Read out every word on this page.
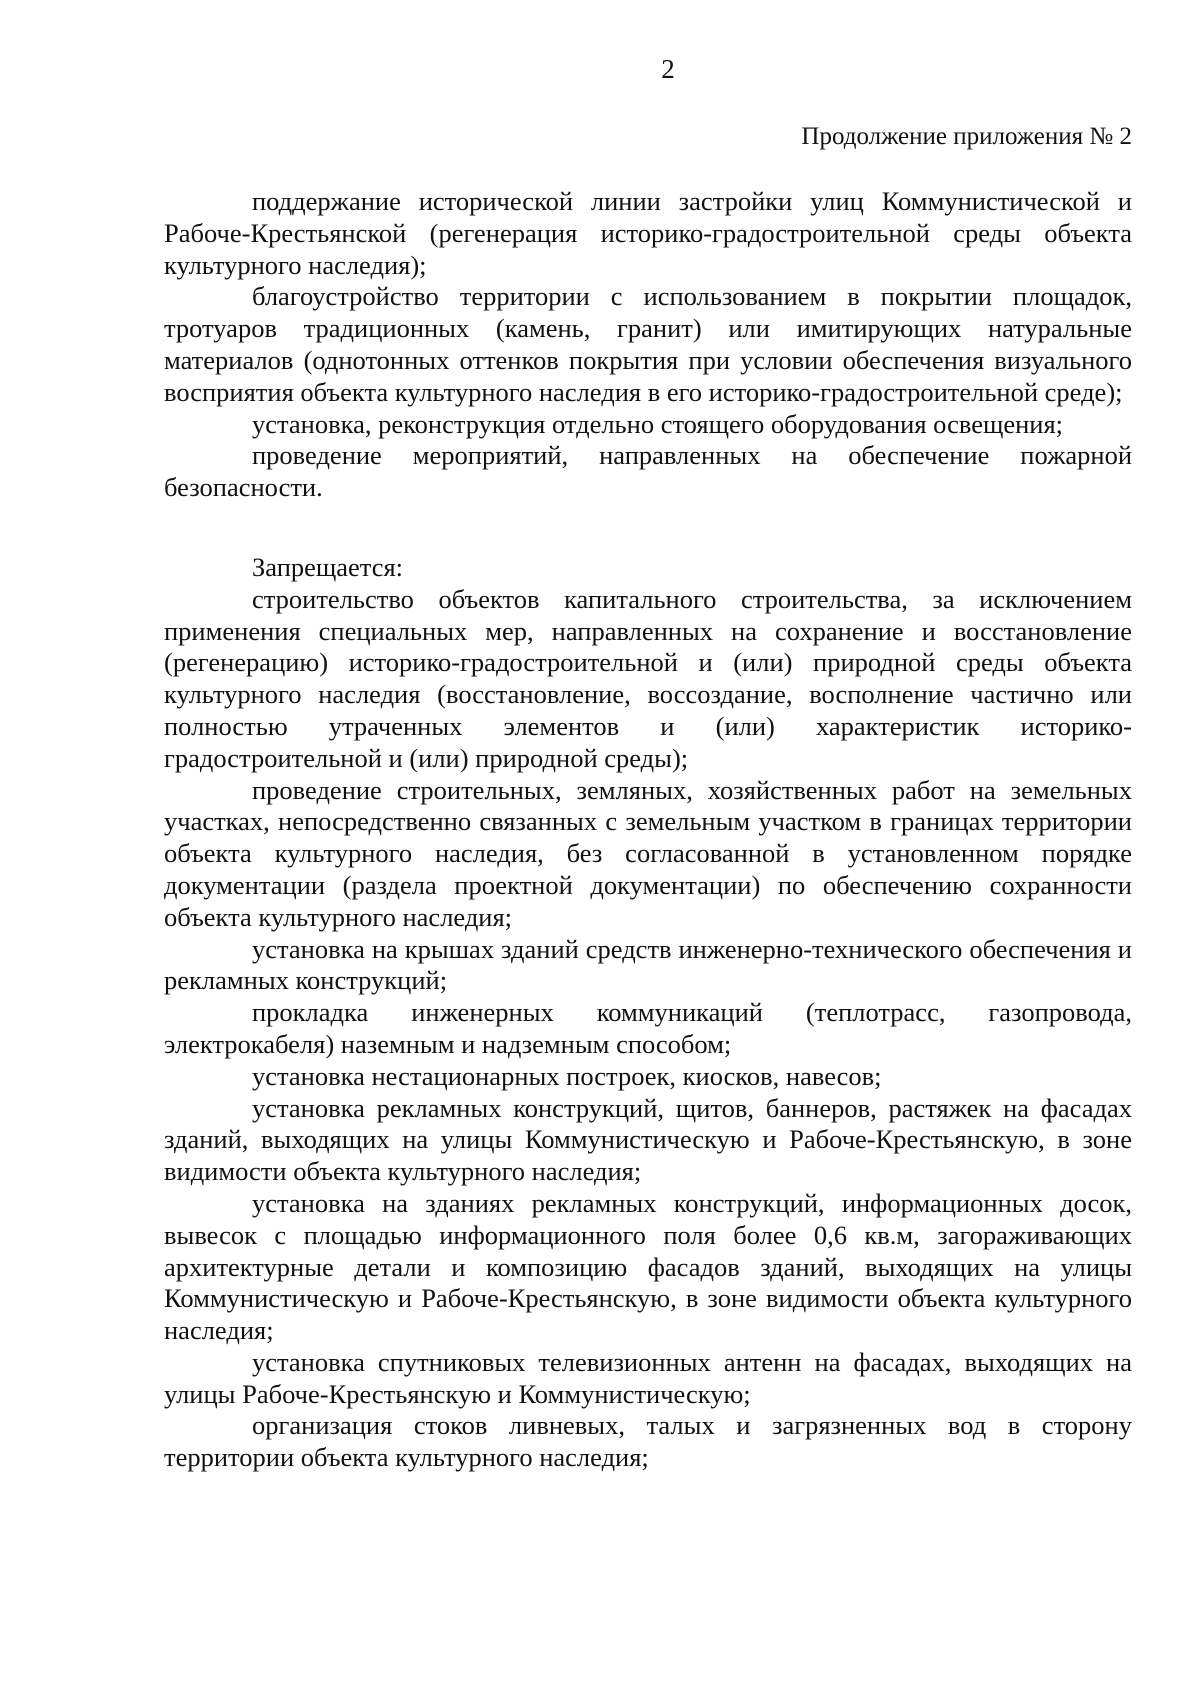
2
Продолжение приложения № 2

поддержание исторической линии застройки улиц Коммунистической и Рабоче-Крестьянской (регенерация историко-градостроительной среды объекта культурного наследия);

благоустройство территории с использованием в покрытии площадок, тротуаров традиционных (камень, гранит) или имитирующих натуральные материалов (однотонных оттенков покрытия при условии обеспечения визуального восприятия объекта культурного наследия в его историко-градостроительной среде);

установка, реконструкция отдельно стоящего оборудования освещения;

проведение мероприятий, направленных на обеспечение пожарной безопасности.

Запрещается:

строительство объектов капитального строительства, за исключением применения специальных мер, направленных на сохранение и восстановление (регенерацию) историко-градостроительной и (или) природной среды объекта культурного наследия (восстановление, воссоздание, восполнение частично или полностью утраченных элементов и (или) характеристик историко-градостроительной и (или) природной среды);

проведение строительных, земляных, хозяйственных работ на земельных участках, непосредственно связанных с земельным участком в границах территории объекта культурного наследия, без согласованной в установленном порядке документации (раздела проектной документации) по обеспечению сохранности объекта культурного наследия;

установка на крышах зданий средств инженерно-технического обеспечения и рекламных конструкций;

прокладка инженерных коммуникаций (теплотрасс, газопровода, электрокабеля) наземным и надземным способом;

установка нестационарных построек, киосков, навесов;

установка рекламных конструкций, щитов, баннеров, растяжек на фасадах зданий, выходящих на улицы Коммунистическую и Рабоче-Крестьянскую, в зоне видимости объекта культурного наследия;

установка на зданиях рекламных конструкций, информационных досок, вывесок с площадью информационного поля более 0,6 кв.м, загораживающих архитектурные детали и композицию фасадов зданий, выходящих на улицы Коммунистическую и Рабоче-Крестьянскую, в зоне видимости объекта культурного наследия;

установка спутниковых телевизионных антенн на фасадах, выходящих на улицы Рабоче-Крестьянскую и Коммунистическую;

организация стоков ливневых, талых и загрязненных вод в сторону территории объекта культурного наследия;
